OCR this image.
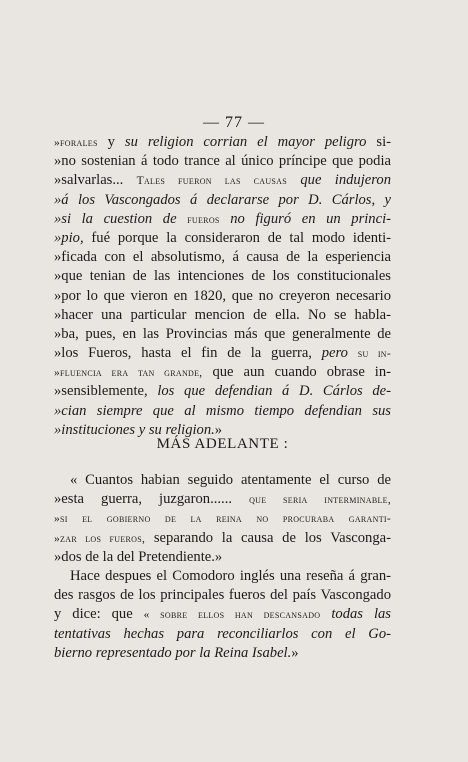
— 77 —
»forales y su religion corrian el mayor peligro si-
»no sostenian á todo trance al único príncipe que podia
»salvarlas... Tales fueron las causas que indujeron
»á los Vascongados á declararse por D. Cárlos, y
»si la cuestion de fueros no figuró en un princi-
»pio, fué porque la consideraron de tal modo identi-
»ficada con el absolutismo, á causa de la esperiencia
»que tenian de las intenciones de los constitucionales
»por lo que vieron en 1820, que no creyeron necesario
»hacer una particular mencion de ella. No se habla-
»ba, pues, en las Provincias más que generalmente de
»los Fueros, hasta el fin de la guerra, pero su in-
»fluencia era tan grande, que aun cuando obrase in-
»sensiblemente, los que defendian á D. Cárlos de-
»cian siempre que al mismo tiempo defendian sus
»instituciones y su religion.»
MÁS ADELANTE :
« Cuantos habian seguido atentamente el curso de
»esta guerra, juzgaron...... que seria interminable,
»si el gobierno de la reina no procuraba garanti-
»zar los fueros, separando la causa de los Vasconga-
»dos de la del Pretendiente.»
Hace despues el Comodoro inglés una reseña á gran-
des rasgos de los principales fueros del país Vascongado
y dice: que « sobre ellos han descansado todas las
tentativas hechas para reconciliarlos con el Go-
bierno representado por la Reina Isabel.»
